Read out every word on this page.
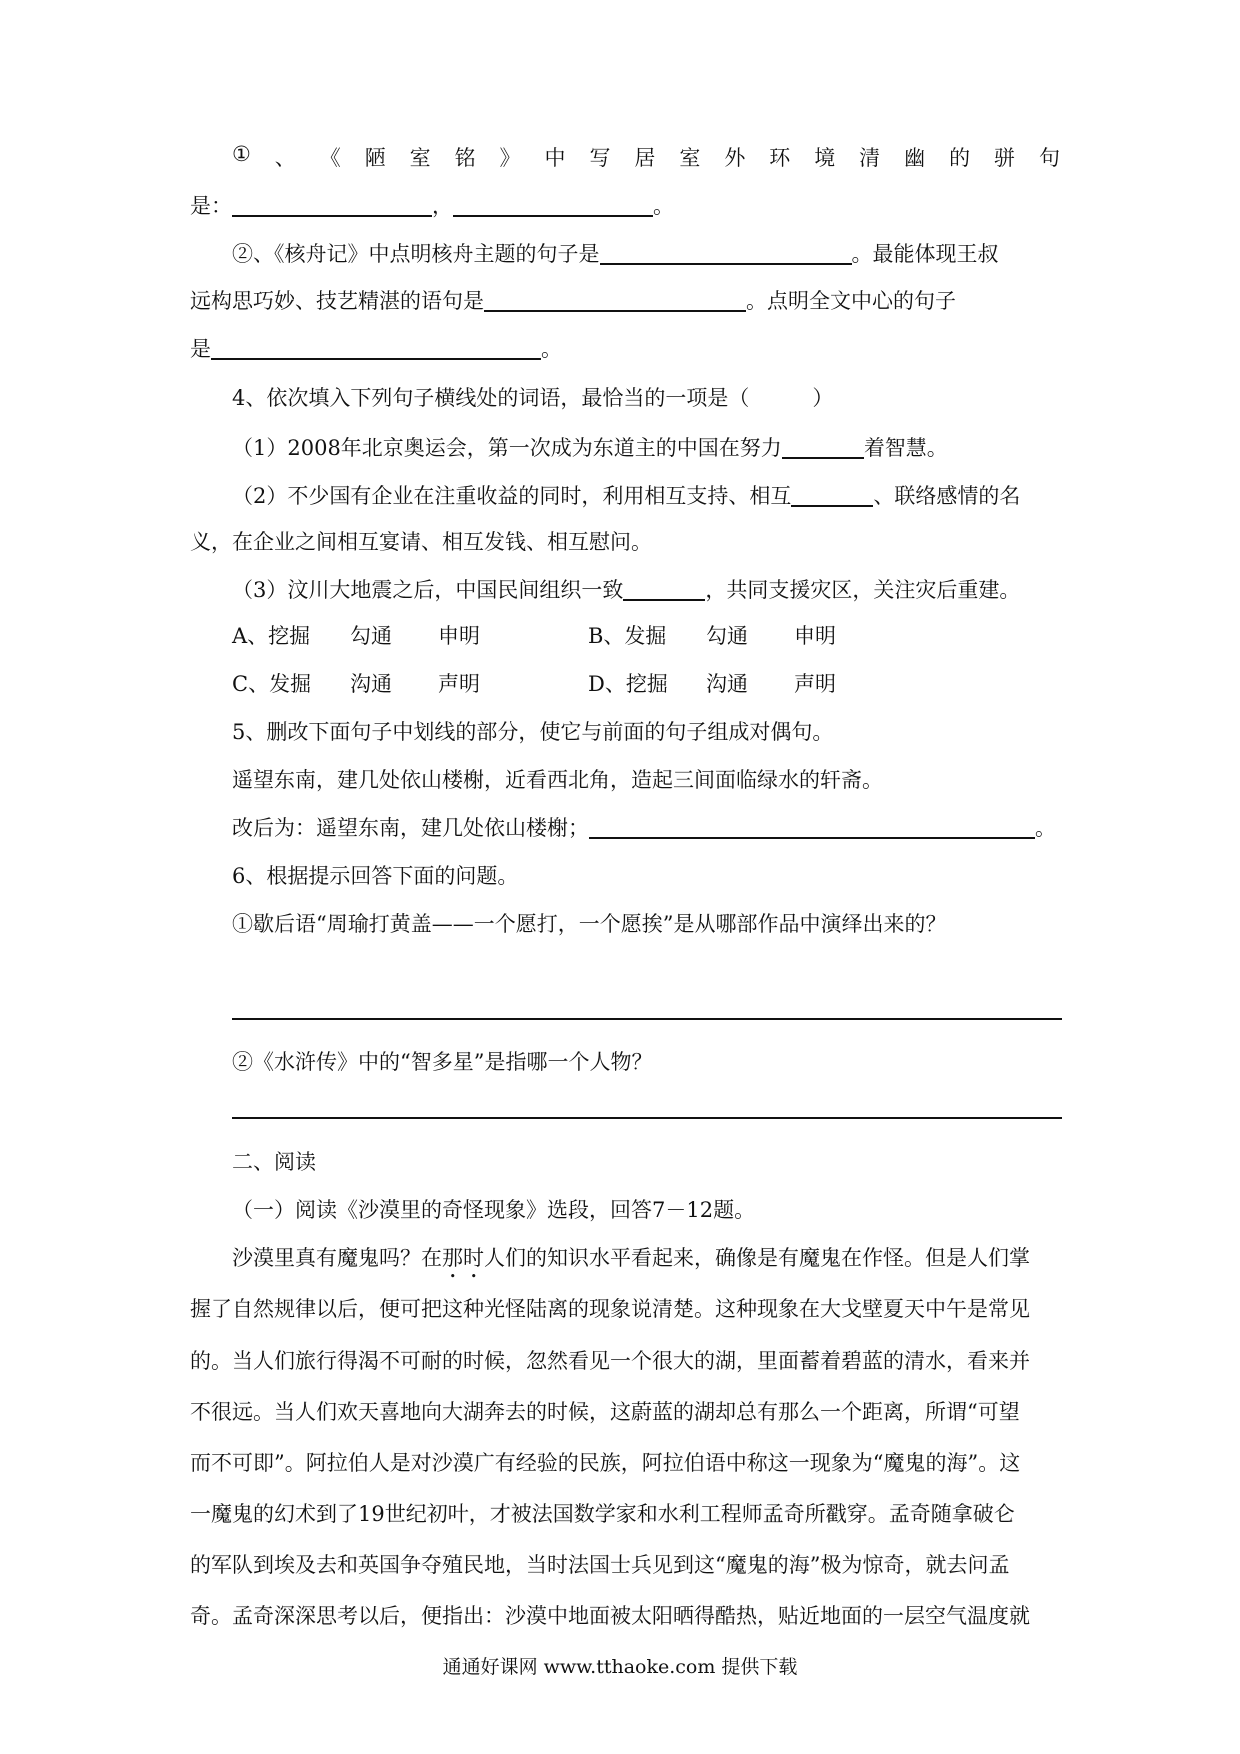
① 、 《 陋 室 铭 》 中 写 居 室 外 环 境 清 幽 的 骈 句
是：	，	。
②、《核舟记》中点明核舟主题的句子是	。最能体现王叔
远构思巧妙、技艺精湛的语句是	。点明全文中心的句子
是	。
4、依次填入下列句子横线处的词语，最恰当的一项是（　　　）
（1）2008年北京奥运会，第一次成为东道主的中国在努力	着智慧。
（2）不少国有企业在注重收益的同时，利用相互支持、相互	、联络感情的名
义，在企业之间相互宴请、相互发钱、相互慰问。
（3）汶川大地震之后，中国民间组织一致	，共同支援灾区，关注灾后重建。
A、挖掘 勾通 申明	B、发掘 勾通 申明
C、发掘 沟通 声明	D、挖掘 沟通 声明
5、删改下面句子中划线的部分，使它与前面的句子组成对偶句。
遥望东南，建几处依山楼榭，近看西北角，造起三间面临绿水的轩斋。
改后为：遥望东南，建几处依山楼榭；	。
6、根据提示回答下面的问题。
①歇后语“周瑜打黄盖——一个愿打，一个愿挨”是从哪部作品中演绎出来的？
②《水浒传》中的“智多星”是指哪一个人物？
二、阅读
（一）阅读《沙漠里的奇怪现象》选段，回答7－12题。
沙漠里真有魔鬼吗？在那时人们的知识水平看起来，确像是有魔鬼在作怪。但是人们掌
握了自然规律以后，便可把这种光怪陆离的现象说清楚。这种现象在大戈壁夏天中午是常见
的。当人们旅行得渴不可耐的时候，忽然看见一个很大的湖，里面蓄着碧蓝的清水，看来并
不很远。当人们欢天喜地向大湖奔去的时候，这蔚蓝的湖却总有那么一个距离，所谓“可望
而不可即”。阿拉伯人是对沙漠广有经验的民族，阿拉伯语中称这一现象为“魔鬼的海”。这
一魔鬼的幻术到了19世纪初叶，才被法国数学家和水利工程师孟奇所戳穿。孟奇随拿破仑
的军队到埃及去和英国争夺殖民地，当时法国士兵见到这“魔鬼的海”极为惊奇，就去问孟
奇。孟奇深深思考以后，便指出：沙漠中地面被太阳晒得酷热，贴近地面的一层空气温度就
通通好课网 www.tthaoke.com 提供下载
